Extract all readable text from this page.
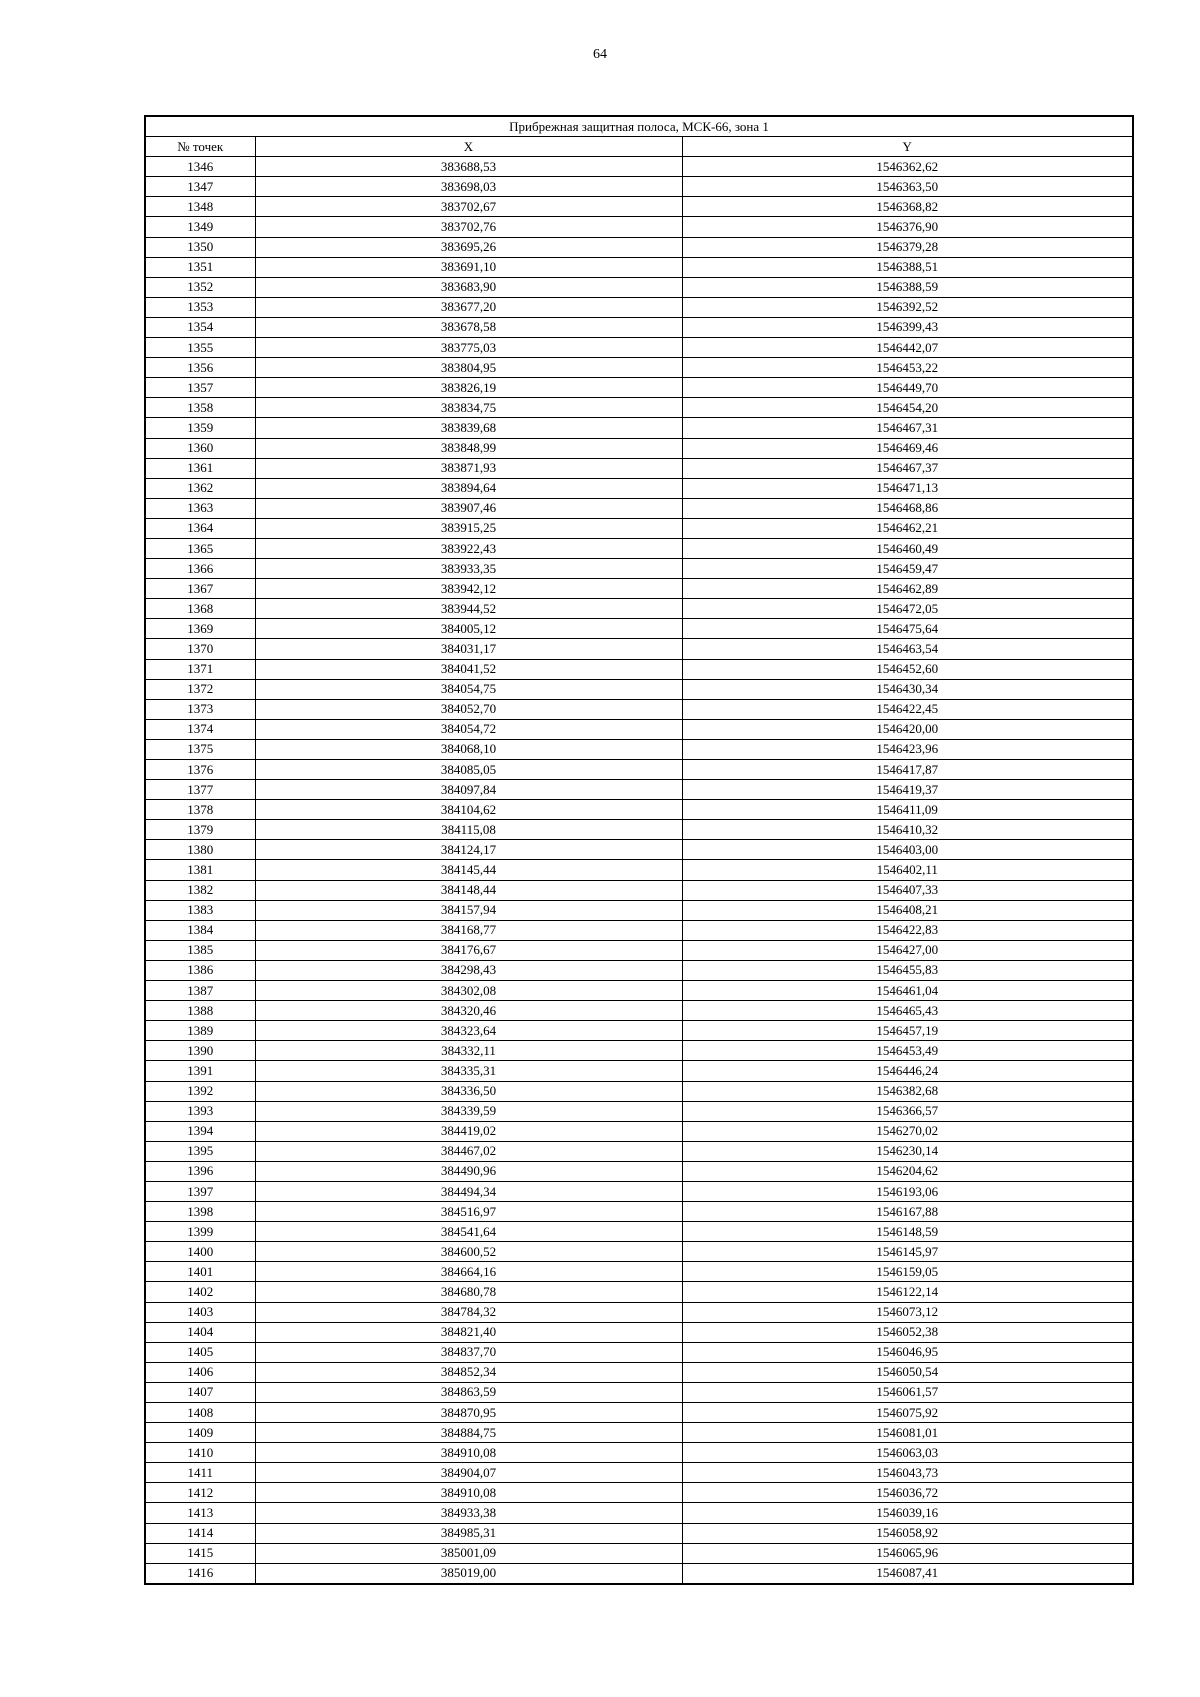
64
Прибрежная защитная полоса, МСК-66, зона 1		
№ точек	X	Y
1346	383688,53	1546362,62
1347	383698,03	1546363,50
1348	383702,67	1546368,82
1349	383702,76	1546376,90
1350	383695,26	1546379,28
1351	383691,10	1546388,51
1352	383683,90	1546388,59
1353	383677,20	1546392,52
1354	383678,58	1546399,43
1355	383775,03	1546442,07
1356	383804,95	1546453,22
1357	383826,19	1546449,70
1358	383834,75	1546454,20
1359	383839,68	1546467,31
1360	383848,99	1546469,46
1361	383871,93	1546467,37
1362	383894,64	1546471,13
1363	383907,46	1546468,86
1364	383915,25	1546462,21
1365	383922,43	1546460,49
1366	383933,35	1546459,47
1367	383942,12	1546462,89
1368	383944,52	1546472,05
1369	384005,12	1546475,64
1370	384031,17	1546463,54
1371	384041,52	1546452,60
1372	384054,75	1546430,34
1373	384052,70	1546422,45
1374	384054,72	1546420,00
1375	384068,10	1546423,96
1376	384085,05	1546417,87
1377	384097,84	1546419,37
1378	384104,62	1546411,09
1379	384115,08	1546410,32
1380	384124,17	1546403,00
1381	384145,44	1546402,11
1382	384148,44	1546407,33
1383	384157,94	1546408,21
1384	384168,77	1546422,83
1385	384176,67	1546427,00
1386	384298,43	1546455,83
1387	384302,08	1546461,04
1388	384320,46	1546465,43
1389	384323,64	1546457,19
1390	384332,11	1546453,49
1391	384335,31	1546446,24
1392	384336,50	1546382,68
1393	384339,59	1546366,57
1394	384419,02	1546270,02
1395	384467,02	1546230,14
1396	384490,96	1546204,62
1397	384494,34	1546193,06
1398	384516,97	1546167,88
1399	384541,64	1546148,59
1400	384600,52	1546145,97
1401	384664,16	1546159,05
1402	384680,78	1546122,14
1403	384784,32	1546073,12
1404	384821,40	1546052,38
1405	384837,70	1546046,95
1406	384852,34	1546050,54
1407	384863,59	1546061,57
1408	384870,95	1546075,92
1409	384884,75	1546081,01
1410	384910,08	1546063,03
1411	384904,07	1546043,73
1412	384910,08	1546036,72
1413	384933,38	1546039,16
1414	384985,31	1546058,92
1415	385001,09	1546065,96
1416	385019,00	1546087,41
